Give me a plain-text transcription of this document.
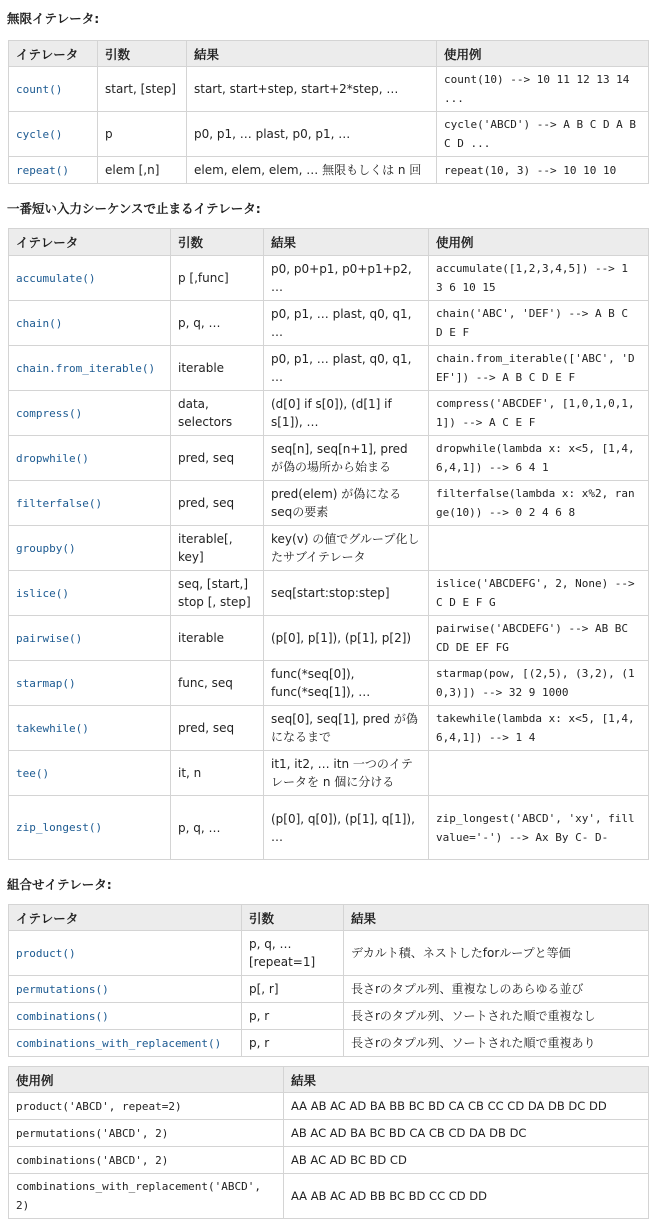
無限イテレータ:
イテレータ	引数	結果	使用例
count()	start, [step]	start, start+step, start+2*step, …	count(10) --> 10 11 12 13 14 ...
cycle()	p	p0, p1, … plast, p0, p1, …	cycle('ABCD') --> A B C D A B C D ...
repeat()	elem [,n]	elem, elem, elem, … 無限もしくは n 回	repeat(10, 3) --> 10 10 10
一番短い入力シーケンスで止まるイテレータ:
イテレータ	引数	結果	使用例
accumulate()	p [,func]	p0, p0+p1, p0+p1+p2, …	accumulate([1,2,3,4,5]) --> 1 3 6 10 15
chain()	p, q, …	p0, p1, … plast, q0, q1, …	chain('ABC', 'DEF') --> A B C D E F
chain.from_iterable()	iterable	p0, p1, … plast, q0, q1, …	chain.from_iterable(['ABC', 'DEF']) --> A B C D E F
compress()	data, selectors	(d[0] if s[0]), (d[1] if s[1]), …	compress('ABCDEF', [1,0,1,0,1,1]) --> A C E F
dropwhile()	pred, seq	seq[n], seq[n+1], pred が偽の場所から始まる	dropwhile(lambda x: x<5, [1,4,6,4,1]) --> 6 4 1
filterfalse()	pred, seq	pred(elem) が偽になるseqの要素	filterfalse(lambda x: x%2, range(10)) --> 0 2 4 6 8
groupby()	iterable[, key]	key(v) の値でグループ化したサブイテレータ	
islice()	seq, [start,] stop [, step]	seq[start:stop:step]	islice('ABCDEFG', 2, None) --> C D E F G
pairwise()	iterable	(p[0], p[1]), (p[1], p[2])	pairwise('ABCDEFG') --> AB BC CD DE EF FG
starmap()	func, seq	func(*seq[0]), func(*seq[1]), …	starmap(pow, [(2,5), (3,2), (10,3)]) --> 32 9 1000
takewhile()	pred, seq	seq[0], seq[1], pred が偽になるまで	takewhile(lambda x: x<5, [1,4,6,4,1]) --> 1 4
tee()	it, n	it1, it2, … itn 一つのイテレータを n 個に分ける	
zip_longest()	p, q, …	(p[0], q[0]), (p[1], q[1]), …	zip_longest('ABCD', 'xy', fillvalue='-') --> Ax By C- D-
組合せイテレータ:
イテレータ	引数	結果
product()	p, q, … [repeat=1]	デカルト積、ネストしたforループと等価
permutations()	p[, r]	長さrのタプル列、重複なしのあらゆる並び
combinations()	p, r	長さrのタプル列、ソートされた順で重複なし
combinations_with_replacement()	p, r	長さrのタプル列、ソートされた順で重複あり
使用例	結果
product('ABCD', repeat=2)	AA AB AC AD BA BB BC BD CA CB CC CD DA DB DC DD
permutations('ABCD', 2)	AB AC AD BA BC BD CA CB CD DA DB DC
combinations('ABCD', 2)	AB AC AD BC BD CD
combinations_with_replacement('ABCD', 2)	AA AB AC AD BB BC BD CC CD DD
